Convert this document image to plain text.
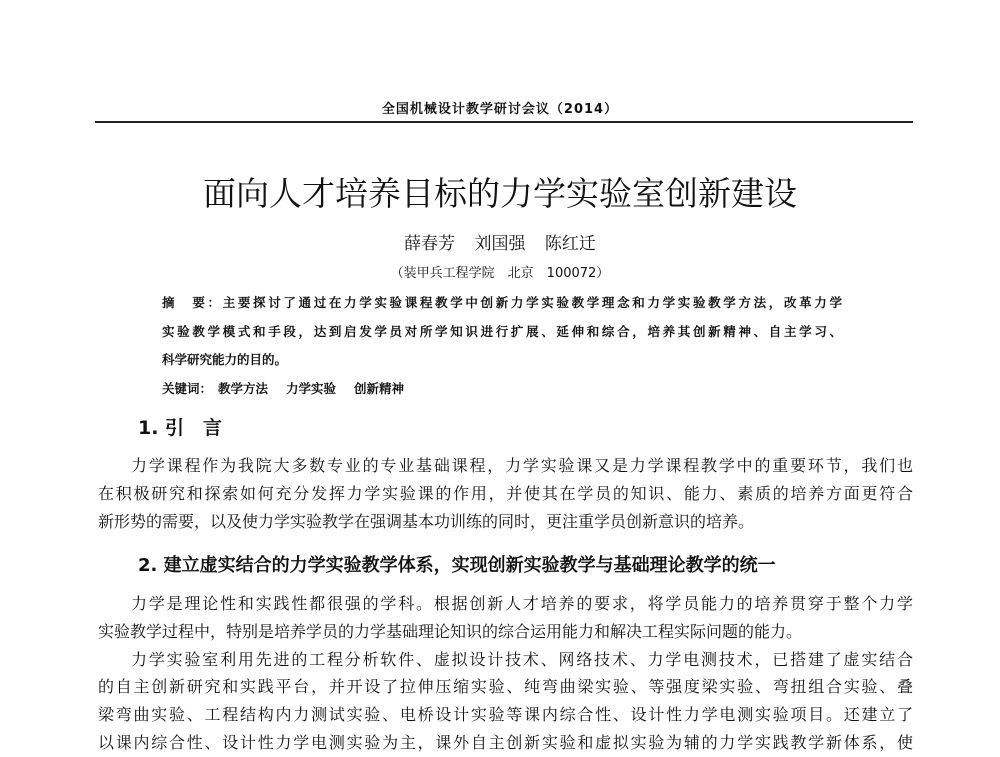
全国机械设计教学研讨会议（2014）
面向人才培养目标的力学实验室创新建设
薛春芳 刘国强 陈红迁
（装甲兵工程学院　北京　100072）
摘　要：主要探讨了通过在力学实验课程教学中创新力学实验教学理念和力学实验教学方法，改革力学
实验教学模式和手段，达到启发学员对所学知识进行扩展、延伸和综合，培养其创新精神、自主学习、
科学研究能力的目的。
关键词： 教学方法 力学实验 创新精神
1. 引　言
力学课程作为我院大多数专业的专业基础课程，力学实验课又是力学课程教学中的重要环节，我们也
在积极研究和探索如何充分发挥力学实验课的作用，并使其在学员的知识、能力、素质的培养方面更符合
新形势的需要，以及使力学实验教学在强调基本功训练的同时，更注重学员创新意识的培养。
2. 建立虚实结合的力学实验教学体系，实现创新实验教学与基础理论教学的统一
力学是理论性和实践性都很强的学科。根据创新人才培养的要求，将学员能力的培养贯穿于整个力学
实验教学过程中，特别是培养学员的力学基础理论知识的综合运用能力和解决工程实际问题的能力。
力学实验室利用先进的工程分析软件、虚拟设计技术、网络技术、力学电测技术，已搭建了虚实结合
的自主创新研究和实践平台，并开设了拉伸压缩实验、纯弯曲梁实验、等强度梁实验、弯扭组合实验、叠
梁弯曲实验、工程结构内力测试实验、电桥设计实验等课内综合性、设计性力学电测实验项目。还建立了
以课内综合性、设计性力学电测实验为主，课外自主创新实验和虚拟实验为辅的力学实践教学新体系，使
